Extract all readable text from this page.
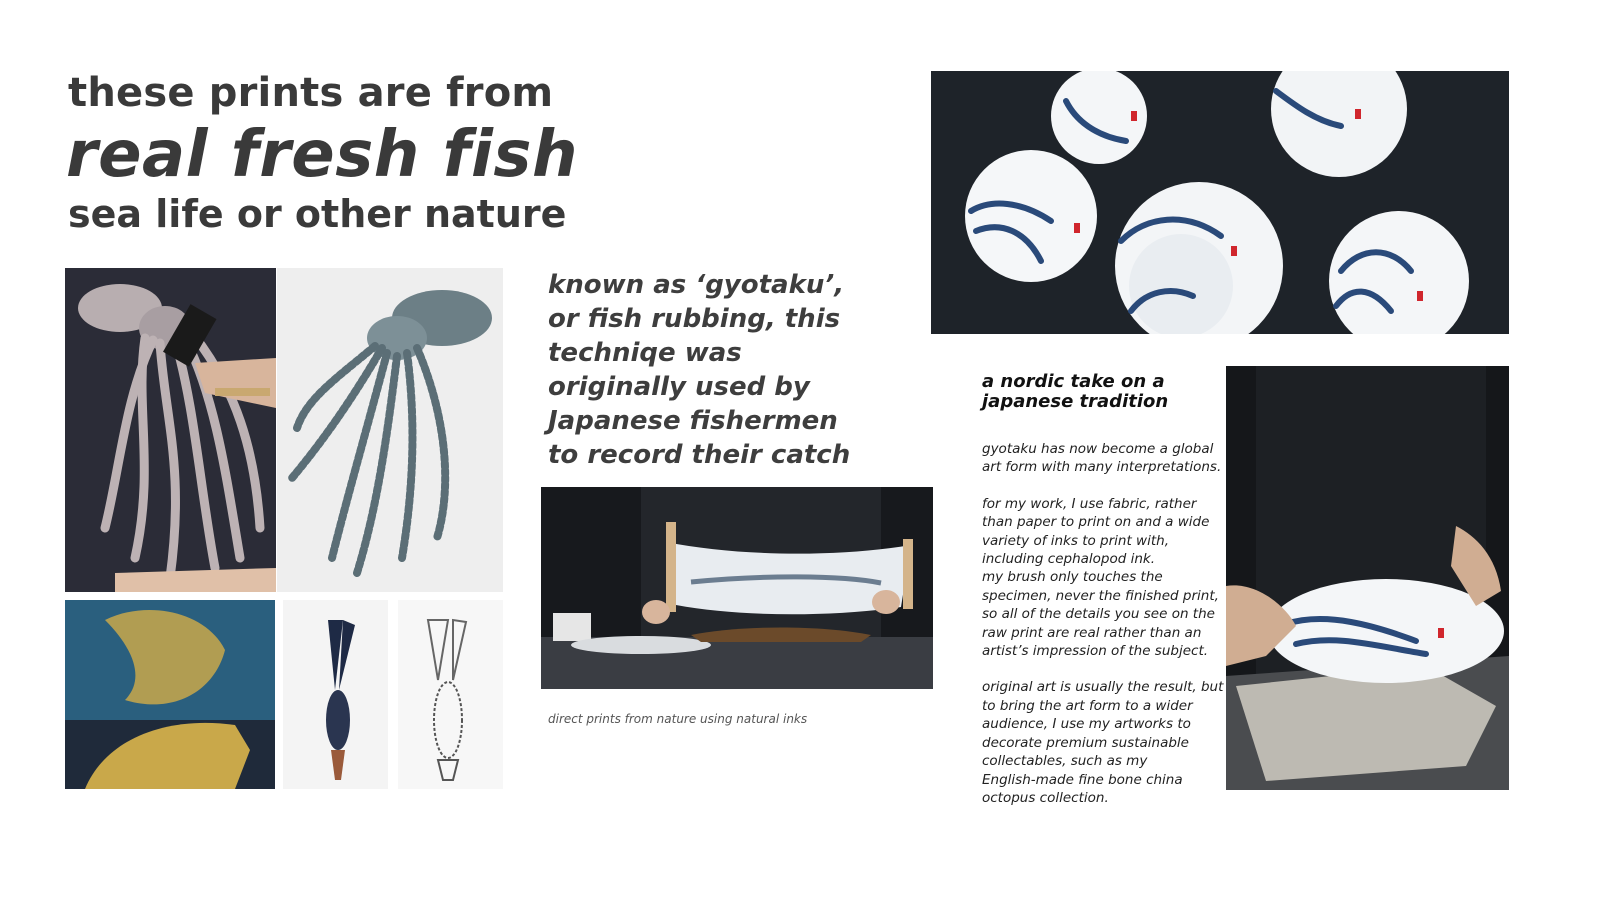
these prints are from
real fresh fish
sea life or other nature
known as ‘gyotaku’,
or fish rubbing, this
techniqe was
originally used by
Japanese fishermen
to record their catch
direct prints from nature using natural inks
a nordic take on a
japanese tradition

gyotaku has now become a global
art form with many interpretations.

for my work, I use fabric, rather
than paper to print on and a wide
variety of inks to print with,
including cephalopod ink.
my brush only touches the
specimen, never the finished print,
so all of the details you see on the
raw print are real rather than an
artist’s impression of the subject.

original art is usually the result, but
to bring the art form to a wider
audience, I use my artworks to
decorate premium sustainable
collectables, such as my
English-made fine bone china
octopus collection.
